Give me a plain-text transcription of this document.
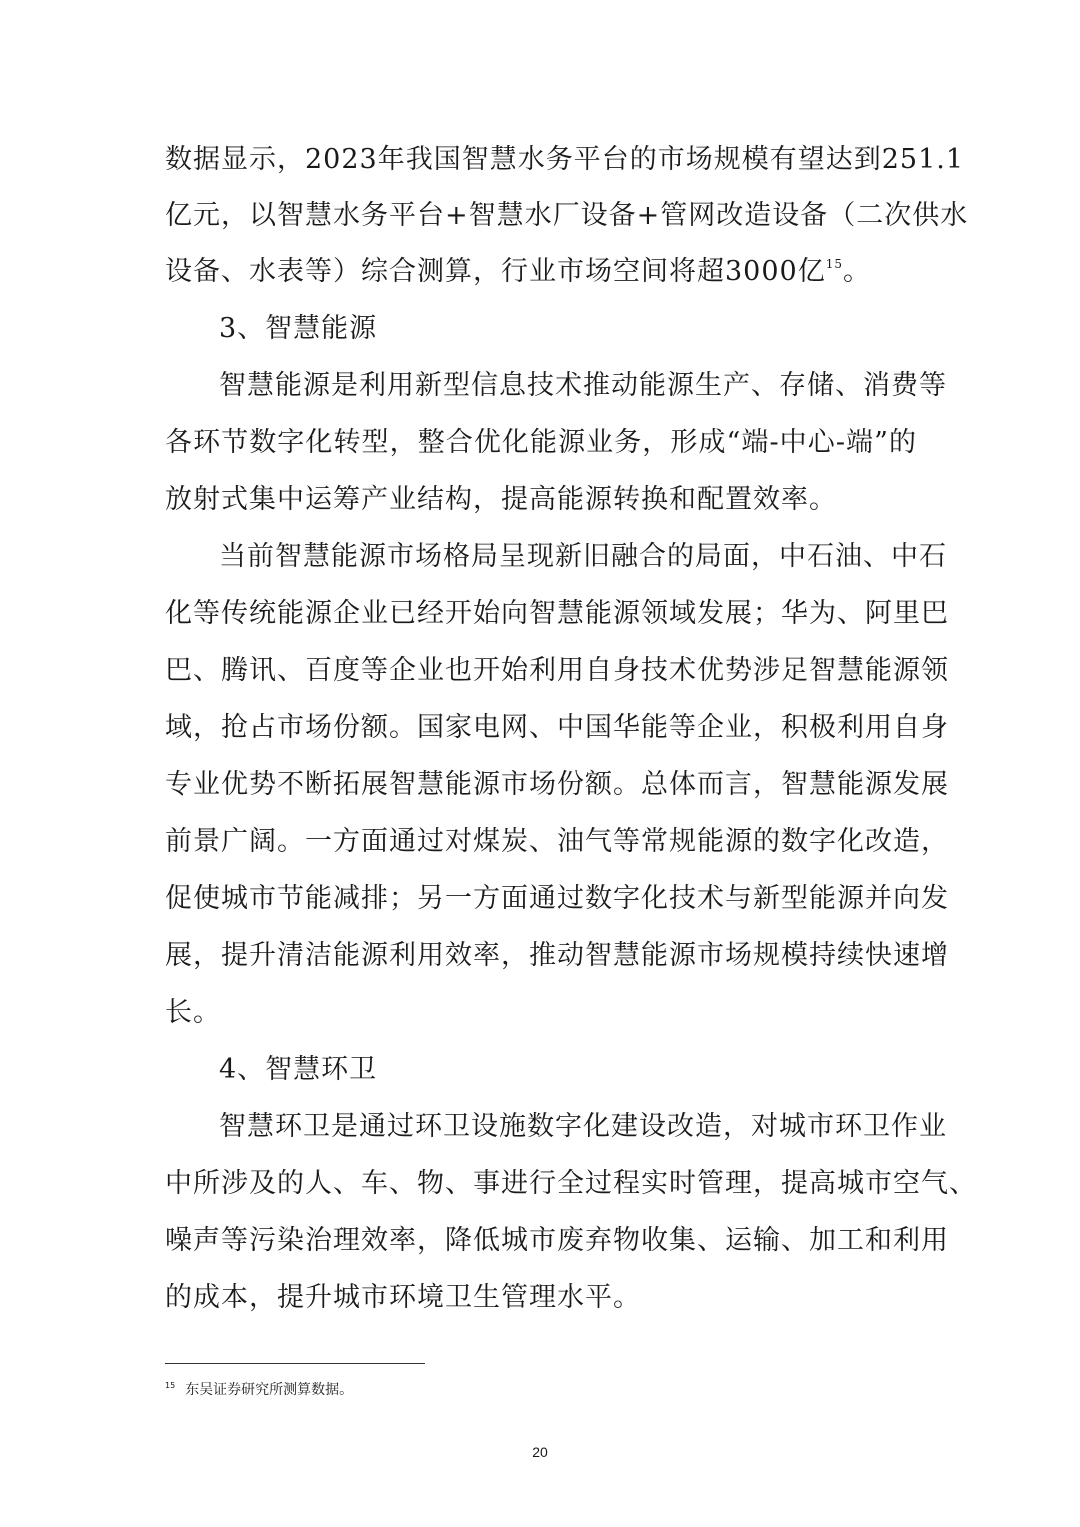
数据显示，2023年我国智慧水务平台的市场规模有望达到251.1
亿元，以智慧水务平台+智慧水厂设备+管网改造设备（二次供水
设备、水表等）综合测算，行业市场空间将超3000亿$^{15}$。
3、智慧能源
智慧能源是利用新型信息技术推动能源生产、存储、消费等
各环节数字化转型，整合优化能源业务，形成“端-中心-端”的
放射式集中运筹产业结构，提高能源转换和配置效率。
当前智慧能源市场格局呈现新旧融合的局面，中石油、中石
化等传统能源企业已经开始向智慧能源领域发展；华为、阿里巴
巴、腾讯、百度等企业也开始利用自身技术优势涉足智慧能源领
域，抢占市场份额。国家电网、中国华能等企业，积极利用自身
专业优势不断拓展智慧能源市场份额。总体而言，智慧能源发展
前景广阔。一方面通过对煤炭、油气等常规能源的数字化改造，
促使城市节能减排；另一方面通过数字化技术与新型能源并向发
展，提升清洁能源利用效率，推动智慧能源市场规模持续快速增
长。
4、智慧环卫
智慧环卫是通过环卫设施数字化建设改造，对城市环卫作业
中所涉及的人、车、物、事进行全过程实时管理，提高城市空气、
噪声等污染治理效率，降低城市废弃物收集、运输、加工和利用
的成本，提升城市环境卫生管理水平。
$^{15}$ 东吴证券研究所测算数据。
20
